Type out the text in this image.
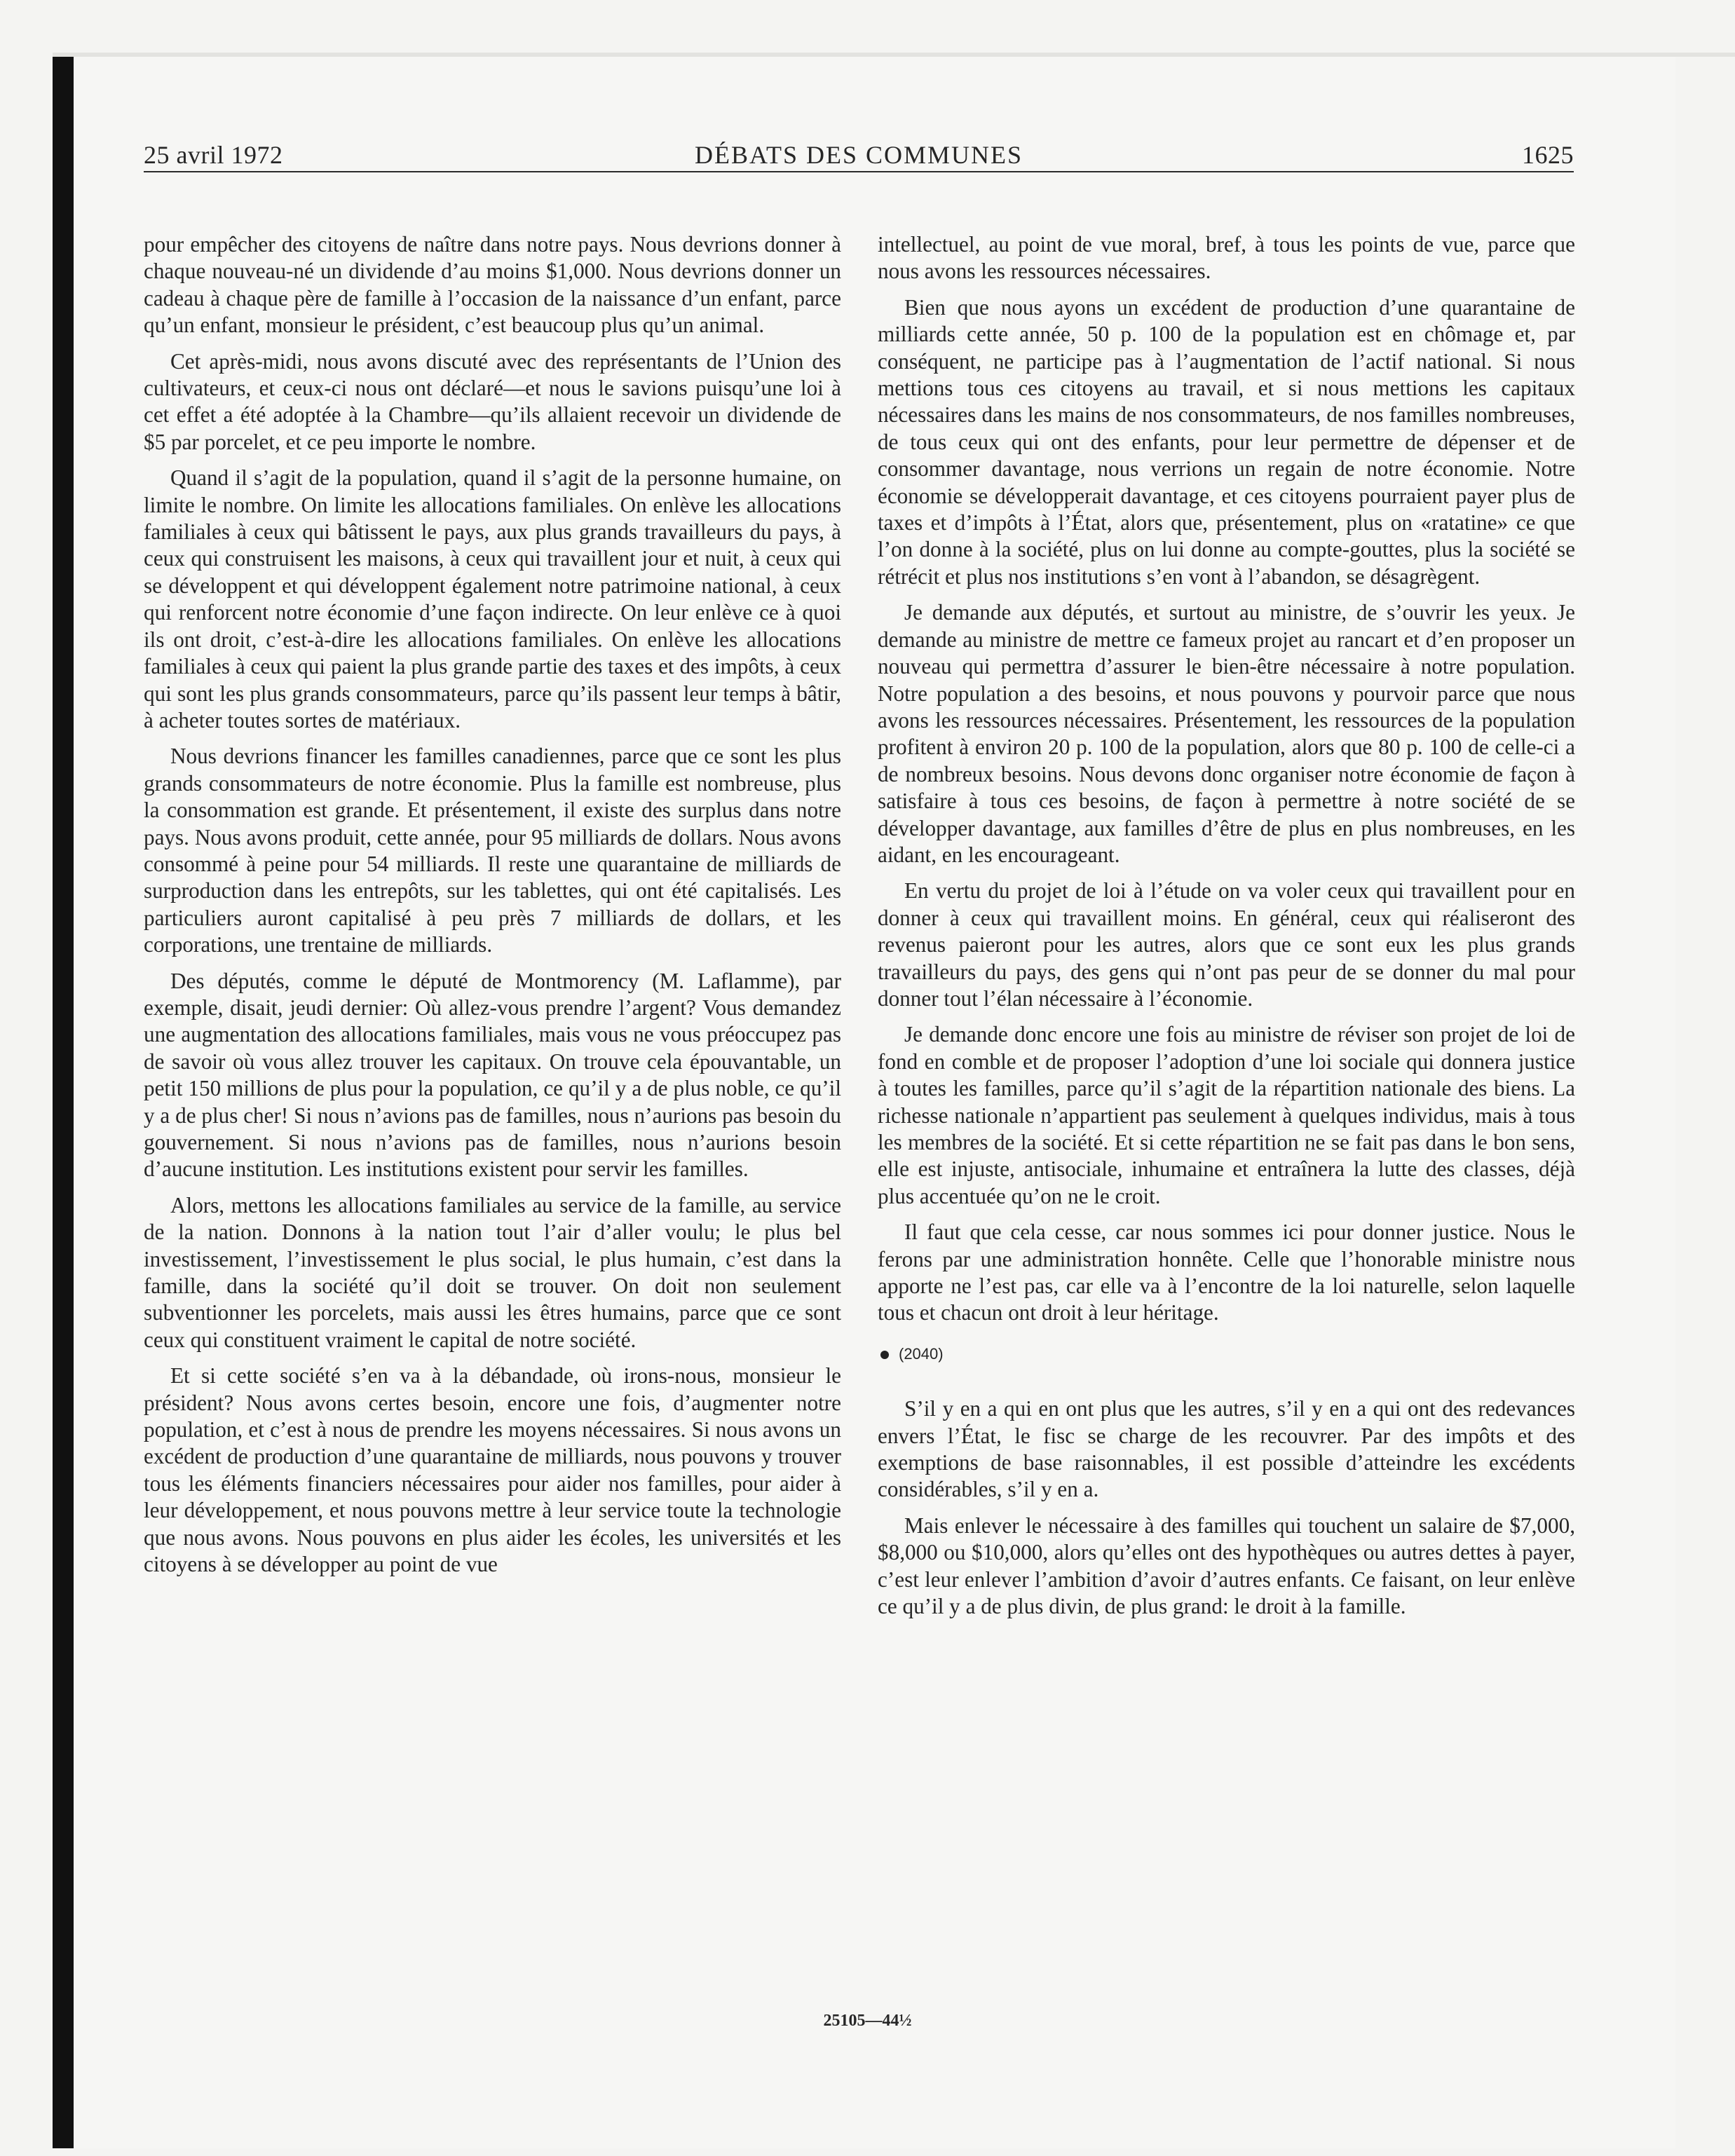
25 avril 1972	DÉBATS DES COMMUNES	1625

pour empêcher des citoyens de naître dans notre pays. Nous devrions donner à chaque nouveau-né un dividende d’au moins $1,000. Nous devrions donner un cadeau à chaque père de famille à l’occasion de la naissance d’un enfant, parce qu’un enfant, monsieur le président, c’est beaucoup plus qu’un animal.

Cet après-midi, nous avons discuté avec des représentants de l’Union des cultivateurs, et ceux-ci nous ont déclaré—et nous le savions puisqu’une loi à cet effet a été adoptée à la Chambre—qu’ils allaient recevoir un dividende de $5 par porcelet, et ce peu importe le nombre.

Quand il s’agit de la population, quand il s’agit de la personne humaine, on limite le nombre. On limite les allocations familiales. On enlève les allocations familiales à ceux qui bâtissent le pays, aux plus grands travailleurs du pays, à ceux qui construisent les maisons, à ceux qui travaillent jour et nuit, à ceux qui se développent et qui développent également notre patrimoine national, à ceux qui renforcent notre économie d’une façon indirecte. On leur enlève ce à quoi ils ont droit, c’est-à-dire les allocations familiales. On enlève les allocations familiales à ceux qui paient la plus grande partie des taxes et des impôts, à ceux qui sont les plus grands consommateurs, parce qu’ils passent leur temps à bâtir, à acheter toutes sortes de matériaux.

Nous devrions financer les familles canadiennes, parce que ce sont les plus grands consommateurs de notre économie. Plus la famille est nombreuse, plus la consommation est grande. Et présentement, il existe des surplus dans notre pays. Nous avons produit, cette année, pour 95 milliards de dollars. Nous avons consommé à peine pour 54 milliards. Il reste une quarantaine de milliards de surproduction dans les entrepôts, sur les tablettes, qui ont été capitalisés. Les particuliers auront capitalisé à peu près 7 milliards de dollars, et les corporations, une trentaine de milliards.

Des députés, comme le député de Montmorency (M. Laflamme), par exemple, disait, jeudi dernier: Où allez-vous prendre l’argent? Vous demandez une augmentation des allocations familiales, mais vous ne vous préoccupez pas de savoir où vous allez trouver les capitaux. On trouve cela épouvantable, un petit 150 millions de plus pour la population, ce qu’il y a de plus noble, ce qu’il y a de plus cher! Si nous n’avions pas de familles, nous n’aurions pas besoin du gouvernement. Si nous n’avions pas de familles, nous n’aurions besoin d’aucune institution. Les institutions existent pour servir les familles.

Alors, mettons les allocations familiales au service de la famille, au service de la nation. Donnons à la nation tout l’air d’aller voulu; le plus bel investissement, l’investissement le plus social, le plus humain, c’est dans la famille, dans la société qu’il doit se trouver. On doit non seulement subventionner les porcelets, mais aussi les êtres humains, parce que ce sont ceux qui constituent vraiment le capital de notre société.

Et si cette société s’en va à la débandade, où irons-nous, monsieur le président? Nous avons certes besoin, encore une fois, d’augmenter notre population, et c’est à nous de prendre les moyens nécessaires. Si nous avons un excédent de production d’une quarantaine de milliards, nous pouvons y trouver tous les éléments financiers nécessaires pour aider nos familles, pour aider à leur développement, et nous pouvons mettre à leur service toute la technologie que nous avons. Nous pouvons en plus aider les écoles, les universités et les citoyens à se développer au point de vue

intellectuel, au point de vue moral, bref, à tous les points de vue, parce que nous avons les ressources nécessaires.

Bien que nous ayons un excédent de production d’une quarantaine de milliards cette année, 50 p. 100 de la population est en chômage et, par conséquent, ne participe pas à l’augmentation de l’actif national. Si nous mettions tous ces citoyens au travail, et si nous mettions les capitaux nécessaires dans les mains de nos consommateurs, de nos familles nombreuses, de tous ceux qui ont des enfants, pour leur permettre de dépenser et de consommer davantage, nous verrions un regain de notre économie. Notre économie se développerait davantage, et ces citoyens pourraient payer plus de taxes et d’impôts à l’État, alors que, présentement, plus on «ratatine» ce que l’on donne à la société, plus on lui donne au compte-gouttes, plus la société se rétrécit et plus nos institutions s’en vont à l’abandon, se désagrègent.

Je demande aux députés, et surtout au ministre, de s’ouvrir les yeux. Je demande au ministre de mettre ce fameux projet au rancart et d’en proposer un nouveau qui permettra d’assurer le bien-être nécessaire à notre population. Notre population a des besoins, et nous pouvons y pourvoir parce que nous avons les ressources nécessaires. Présentement, les ressources de la population profitent à environ 20 p. 100 de la population, alors que 80 p. 100 de celle-ci a de nombreux besoins. Nous devons donc organiser notre économie de façon à satisfaire à tous ces besoins, de façon à permettre à notre société de se développer davantage, aux familles d’être de plus en plus nombreuses, en les aidant, en les encourageant.

En vertu du projet de loi à l’étude on va voler ceux qui travaillent pour en donner à ceux qui travaillent moins. En général, ceux qui réaliseront des revenus paieront pour les autres, alors que ce sont eux les plus grands travailleurs du pays, des gens qui n’ont pas peur de se donner du mal pour donner tout l’élan nécessaire à l’économie.

Je demande donc encore une fois au ministre de réviser son projet de loi de fond en comble et de proposer l’adoption d’une loi sociale qui donnera justice à toutes les familles, parce qu’il s’agit de la répartition nationale des biens. La richesse nationale n’appartient pas seulement à quelques individus, mais à tous les membres de la société. Et si cette répartition ne se fait pas dans le bon sens, elle est injuste, antisociale, inhumaine et entraînera la lutte des classes, déjà plus accentuée qu’on ne le croit.

Il faut que cela cesse, car nous sommes ici pour donner justice. Nous le ferons par une administration honnête. Celle que l’honorable ministre nous apporte ne l’est pas, car elle va à l’encontre de la loi naturelle, selon laquelle tous et chacun ont droit à leur héritage.

(2040)

S’il y en a qui en ont plus que les autres, s’il y en a qui ont des redevances envers l’État, le fisc se charge de les recouvrer. Par des impôts et des exemptions de base raisonnables, il est possible d’atteindre les excédents considérables, s’il y en a.

Mais enlever le nécessaire à des familles qui touchent un salaire de $7,000, $8,000 ou $10,000, alors qu’elles ont des hypothèques ou autres dettes à payer, c’est leur enlever l’ambition d’avoir d’autres enfants. Ce faisant, on leur enlève ce qu’il y a de plus divin, de plus grand: le droit à la famille.

25105—44½
